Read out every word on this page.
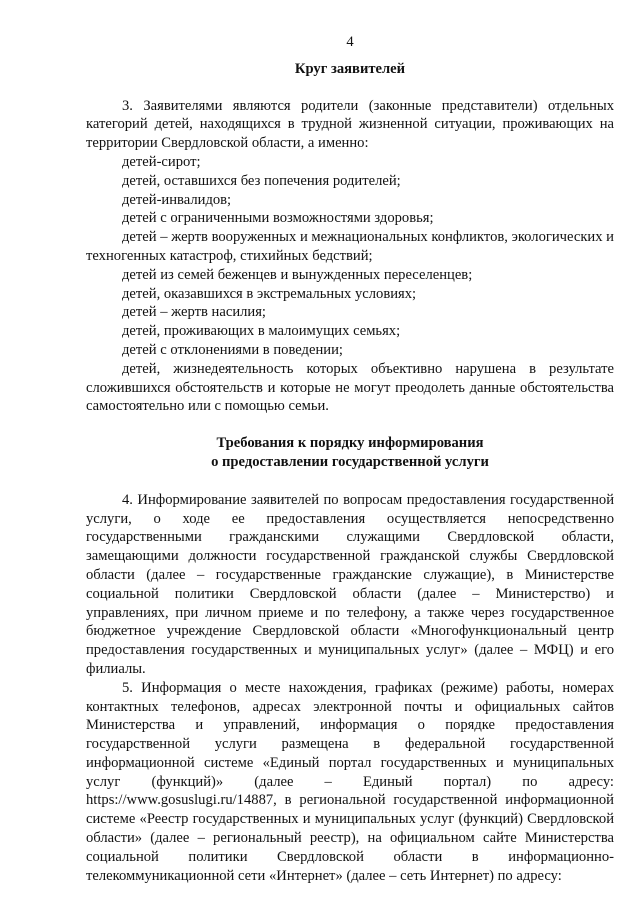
4
Круг заявителей

3. Заявителями являются родители (законные представители) отдельных категорий детей, находящихся в трудной жизненной ситуации, проживающих на территории Свердловской области, а именно:

детей-сирот;

детей, оставшихся без попечения родителей;

детей-инвалидов;

детей с ограниченными возможностями здоровья;

детей – жертв вооруженных и межнациональных конфликтов, экологических и техногенных катастроф, стихийных бедствий;

детей из семей беженцев и вынужденных переселенцев;

детей, оказавшихся в экстремальных условиях;

детей – жертв насилия;

детей, проживающих в малоимущих семьях;

детей с отклонениями в поведении;

детей, жизнедеятельность которых объективно нарушена в результате сложившихся обстоятельств и которые не могут преодолеть данные обстоятельства самостоятельно или с помощью семьи.

Требования к порядку информирования
о предоставлении государственной услуги

4. Информирование заявителей по вопросам предоставления государственной услуги, о ходе ее предоставления осуществляется непосредственно государственными гражданскими служащими Свердловской области, замещающими должности государственной гражданской службы Свердловской области (далее – государственные гражданские служащие), в Министерстве социальной политики Свердловской области (далее – Министерство) и управлениях, при личном приеме и по телефону, а также через государственное бюджетное учреждение Свердловской области «Многофункциональный центр предоставления государственных и муниципальных услуг» (далее – МФЦ) и его филиалы.

5. Информация о месте нахождения, графиках (режиме) работы, номерах контактных телефонов, адресах электронной почты и официальных сайтов Министерства и управлений, информация о порядке предоставления государственной услуги размещена в федеральной государственной информационной системе «Единый портал государственных и муниципальных услуг (функций)» (далее – Единый портал) по адресу: https://www.gosuslugi.ru/14887, в региональной государственной информационной системе «Реестр государственных и муниципальных услуг (функций) Свердловской области» (далее – региональный реестр), на официальном сайте Министерства социальной политики Свердловской области в информационно-телекоммуникационной сети «Интернет» (далее – сеть Интернет) по адресу:
